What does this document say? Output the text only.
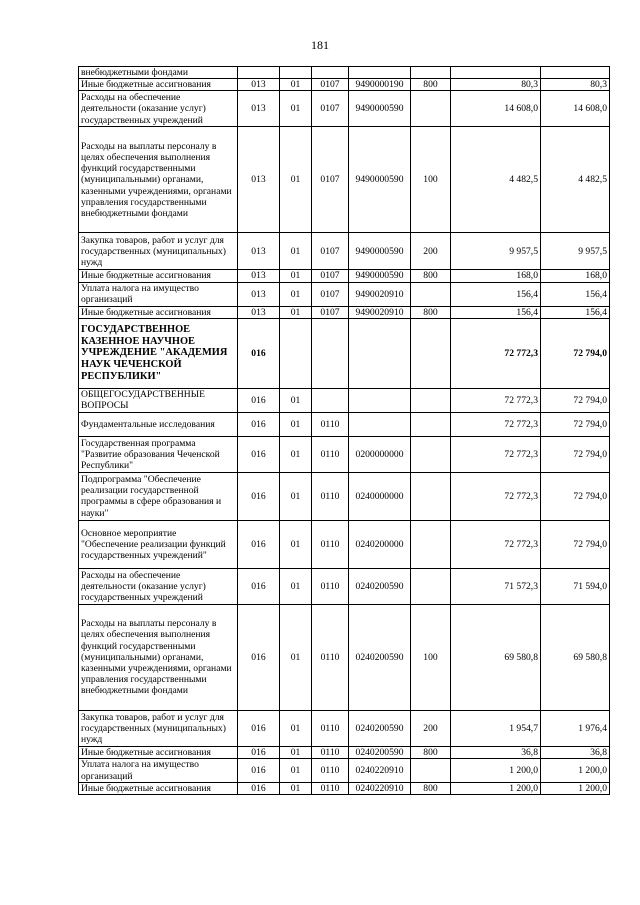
181
внебюджетными фондами							
Иные бюджетные ассигнования	013	01	0107	9490000190	800	80,3	80,3
Расходы на обеспечение деятельности (оказание услуг) государственных учреждений	013	01	0107	9490000590		14 608,0	14 608,0
Расходы на выплаты персоналу в целях обеспечения выполнения функций государственными (муниципальными) органами, казенными учреждениями, органами управления государственными внебюджетными фондами	013	01	0107	9490000590	100	4 482,5	4 482,5
Закупка товаров, работ и услуг для государственных (муниципальных) нужд	013	01	0107	9490000590	200	9 957,5	9 957,5
Иные бюджетные ассигнования	013	01	0107	9490000590	800	168,0	168,0
Уплата налога на имущество организаций	013	01	0107	9490020910		156,4	156,4
Иные бюджетные ассигнования	013	01	0107	9490020910	800	156,4	156,4
ГОСУДАРСТВЕННОЕ КАЗЕННОЕ НАУЧНОЕ УЧРЕЖДЕНИЕ "АКАДЕМИЯ НАУК ЧЕЧЕНСКОЙ РЕСПУБЛИКИ"	016					72 772,3	72 794,0
ОБЩЕГОСУДАРСТВЕННЫЕ ВОПРОСЫ	016	01				72 772,3	72 794,0
Фундаментальные исследования	016	01	0110			72 772,3	72 794,0
Государственная программа "Развитие образования Чеченской Республики"	016	01	0110	0200000000		72 772,3	72 794,0
Подпрограмма "Обеспечение реализации государственной программы в сфере образования и науки"	016	01	0110	0240000000		72 772,3	72 794,0
Основное мероприятие "Обеспечение реализации функций государственных учреждений"	016	01	0110	0240200000		72 772,3	72 794,0
Расходы на обеспечение деятельности (оказание услуг) государственных учреждений	016	01	0110	0240200590		71 572,3	71 594,0
Расходы на выплаты персоналу в целях обеспечения выполнения функций государственными (муниципальными) органами, казенными учреждениями, органами управления государственными внебюджетными фондами	016	01	0110	0240200590	100	69 580,8	69 580,8
Закупка товаров, работ и услуг для государственных (муниципальных) нужд	016	01	0110	0240200590	200	1 954,7	1 976,4
Иные бюджетные ассигнования	016	01	0110	0240200590	800	36,8	36,8
Уплата налога на имущество организаций	016	01	0110	0240220910		1 200,0	1 200,0
Иные бюджетные ассигнования	016	01	0110	0240220910	800	1 200,0	1 200,0
